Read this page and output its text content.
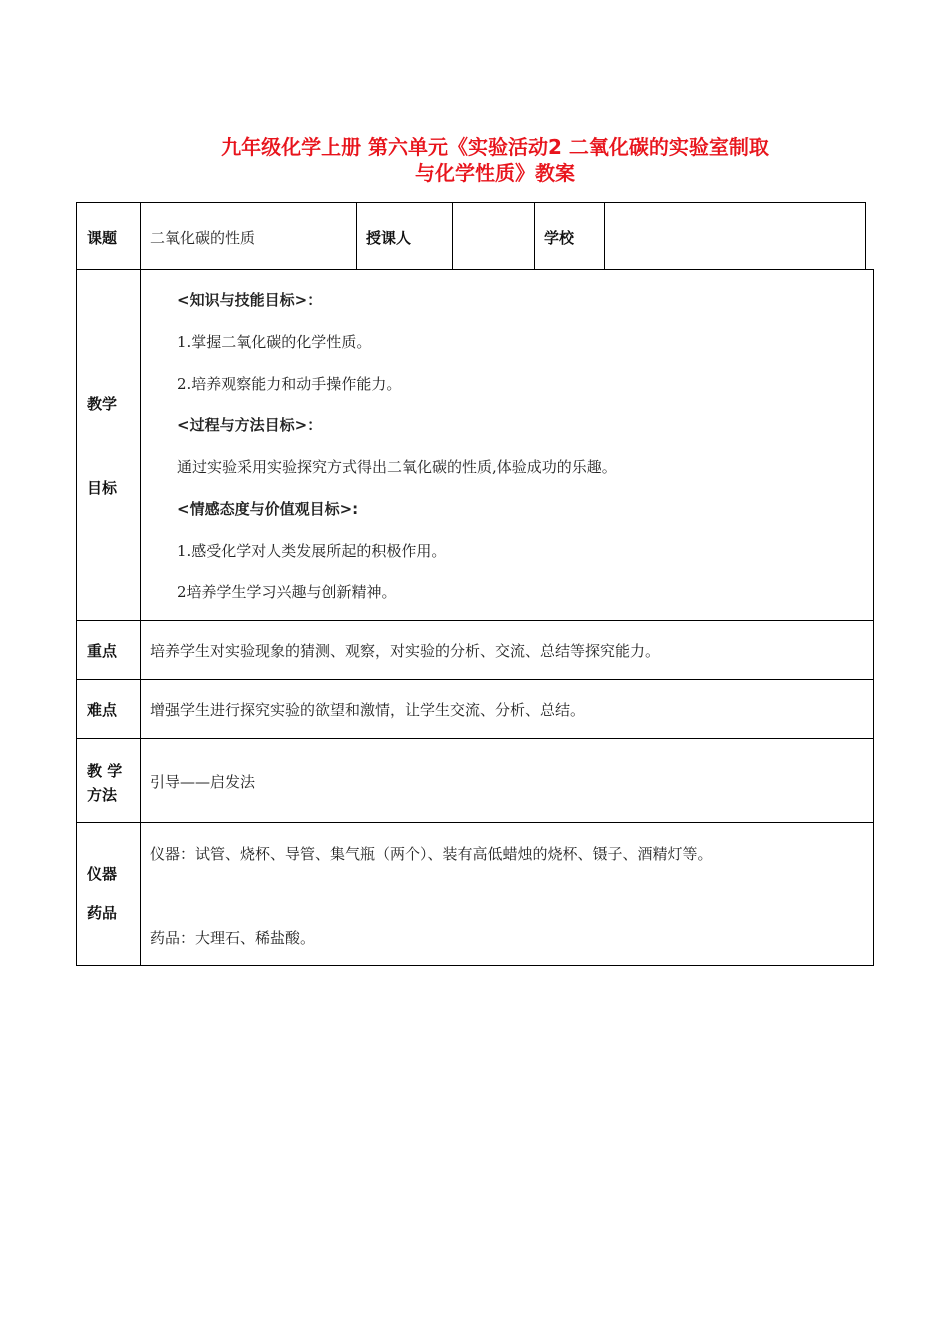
九年级化学上册 第六单元《实验活动2 二氧化碳的实验室制取
与化学性质》教案
课题 二氧化碳的性质	授课人	学校
教学
目标
<知识与技能目标>：
1.掌握二氧化碳的化学性质。
2.培养观察能力和动手操作能力。
<过程与方法目标>：
通过实验采用实验探究方式得出二氧化碳的性质,体验成功的乐趣。
<情感态度与价值观目标>:
1.感受化学对人类发展所起的积极作用。
2培养学生学习兴趣与创新精神。
重点 培养学生对实验现象的猜测、观察，对实验的分析、交流、总结等探究能力。
难点 增强学生进行探究实验的欲望和激情，让学生交流、分析、总结。
教 学
方法
引导——启发法
仪器
药品
仪器：试管、烧杯、导管、集气瓶（两个）、装有高低蜡烛的烧杯、镊子、酒精灯等。
药品：大理石、稀盐酸。
